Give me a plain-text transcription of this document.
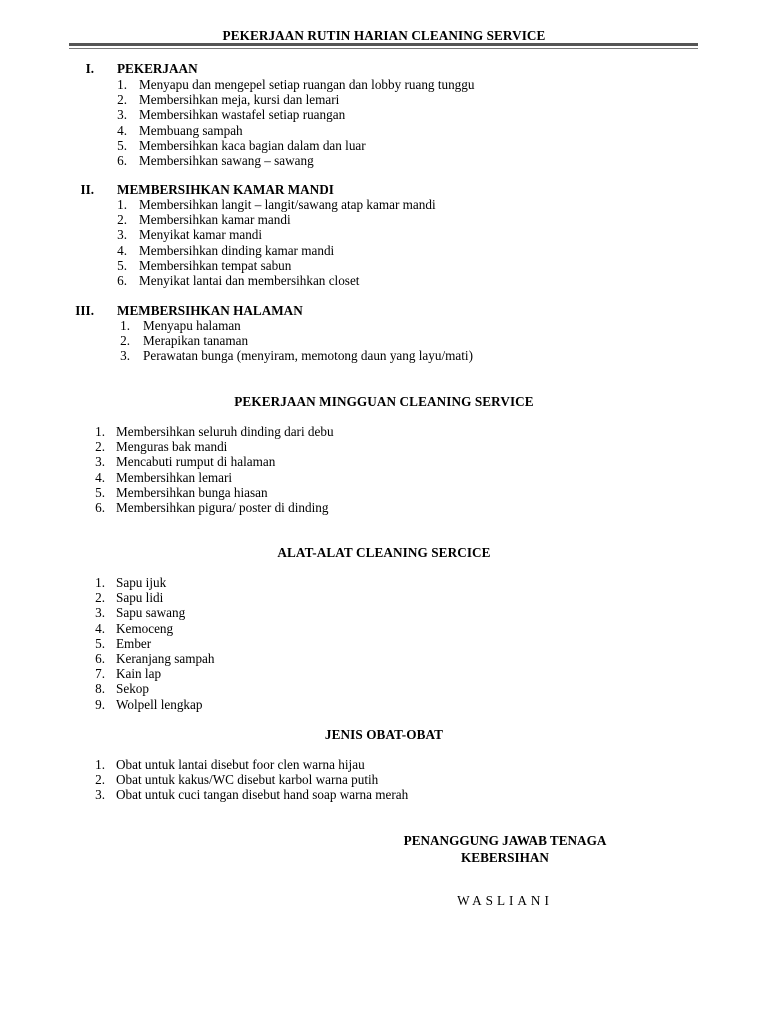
PEKERJAAN RUTIN HARIAN CLEANING SERVICE
I. PEKERJAAN
1. Menyapu dan mengepel setiap ruangan dan lobby ruang tunggu
2. Membersihkan meja, kursi dan lemari
3. Membersihkan wastafel setiap ruangan
4. Membuang sampah
5. Membersihkan kaca bagian dalam dan luar
6. Membersihkan sawang – sawang
II. MEMBERSIHKAN KAMAR MANDI
1. Membersihkan langit – langit/sawang atap kamar mandi
2. Membersihkan kamar mandi
3. Menyikat kamar mandi
4. Membersihkan dinding kamar mandi
5. Membersihkan tempat sabun
6. Menyikat lantai dan membersihkan closet
III. MEMBERSIHKAN HALAMAN
1. Menyapu halaman
2. Merapikan tanaman
3. Perawatan bunga (menyiram, memotong daun yang layu/mati)
PEKERJAAN MINGGUAN CLEANING SERVICE
1. Membersihkan seluruh dinding dari debu
2. Menguras bak mandi
3. Mencabuti rumput di halaman
4. Membersihkan lemari
5. Membersihkan bunga hiasan
6. Membersihkan pigura/ poster di dinding
ALAT-ALAT CLEANING SERCICE
1. Sapu ijuk
2. Sapu lidi
3. Sapu sawang
4. Kemoceng
5. Ember
6. Keranjang sampah
7. Kain lap
8. Sekop
9. Wolpell lengkap
JENIS OBAT-OBAT
1. Obat untuk lantai disebut foor clen warna hijau
2. Obat untuk kakus/WC disebut karbol warna putih
3. Obat untuk cuci tangan disebut hand soap warna merah
PENANGGUNG JAWAB TENAGA
KEBERSIHAN
WASLIANI
